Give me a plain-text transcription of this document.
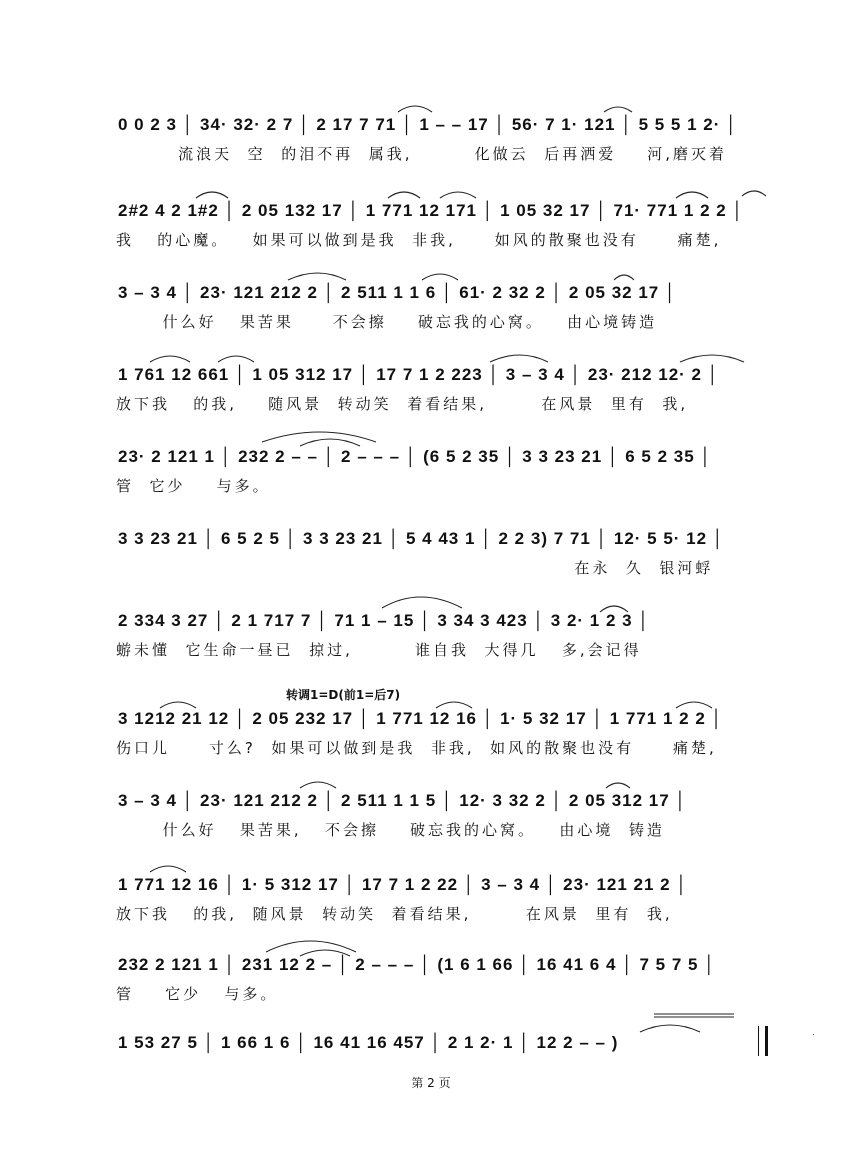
0 0 2 3 │ 34· 32· 2 7 │ 2 17 7 71 │ 1 – – 17 │ 56· 7 1· 121 │ 5 5 5 1 2· │
流浪天  空  的泪不再  属我,        化做云  后再洒爱    河,磨灭着
2#2 4 2 1#2 │ 2 05 132 17 │ 1 771 12 171 │ 1 05 32 17 │ 71· 771 1 2 2 │
我   的心魔。   如果可以做到是我  非我,     如风的散聚也没有     痛楚,
3 – 3 4 │ 23· 121 212 2 │ 2 511 1 1 6 │ 61· 2 32 2 │ 2 05 32 17 │
什么好   果苦果     不会擦    破忘我的心窝。   由心境铸造
1 761 12 661 │ 1 05 312 17 │ 17 7 1 2 223 │ 3 – 3 4 │ 23· 212 12· 2 │
放下我   的我,    随风景  转动笑  着看结果,       在风景  里有  我,
23· 2 121 1 │ 232 2 – – │ 2 – – – │ (6 5 2 35 │ 3 3 23 21 │ 6 5 2 35 │
管  它少    与多。
3 3 23 21 │ 6 5 2 5 │ 3 3 23 21 │ 5 4 43 1 │ 2 2 3) 7 71 │ 12· 5 5· 12 │
在永  久  银河蜉
2 334 3 27 │ 2 1 717 7 │ 71 1 – 15 │ 3 34 3 423 │ 3 2· 1 2 3 │
蝣未懂  它生命一昼已  掠过,        谁自我  大得几   多,会记得
转调1=D(前1=后7)
3 1212 21 12 │ 2 05 232 17 │ 1 771 12 16 │ 1· 5 32 17 │ 1 771 1 2 2 │
伤口儿     寸么?  如果可以做到是我  非我,  如风的散聚也没有     痛楚,
3 – 3 4 │ 23· 121 212 2 │ 2 511 1 1 5 │ 12· 3 32 2 │ 2 05 312 17 │
什么好   果苦果,   不会擦    破忘我的心窝。   由心境  铸造
1 771 12 16 │ 1· 5 312 17 │ 17 7 1 2 22 │ 3 – 3 4 │ 23· 121 21 2 │
放下我   的我,  随风景  转动笑  着看结果,       在风景  里有  我,
232 2 121 1 │ 231 12 2 – │ 2 – – – │ (1 6 1 66 │ 16 41 6 4 │ 7 5 7 5 │
管    它少   与多。
1 53 27 5 │ 1 66 1 6 │ 16 41 16 457 │ 2 1 2· 1 │ 12 2 – – )	·
第 2 页
